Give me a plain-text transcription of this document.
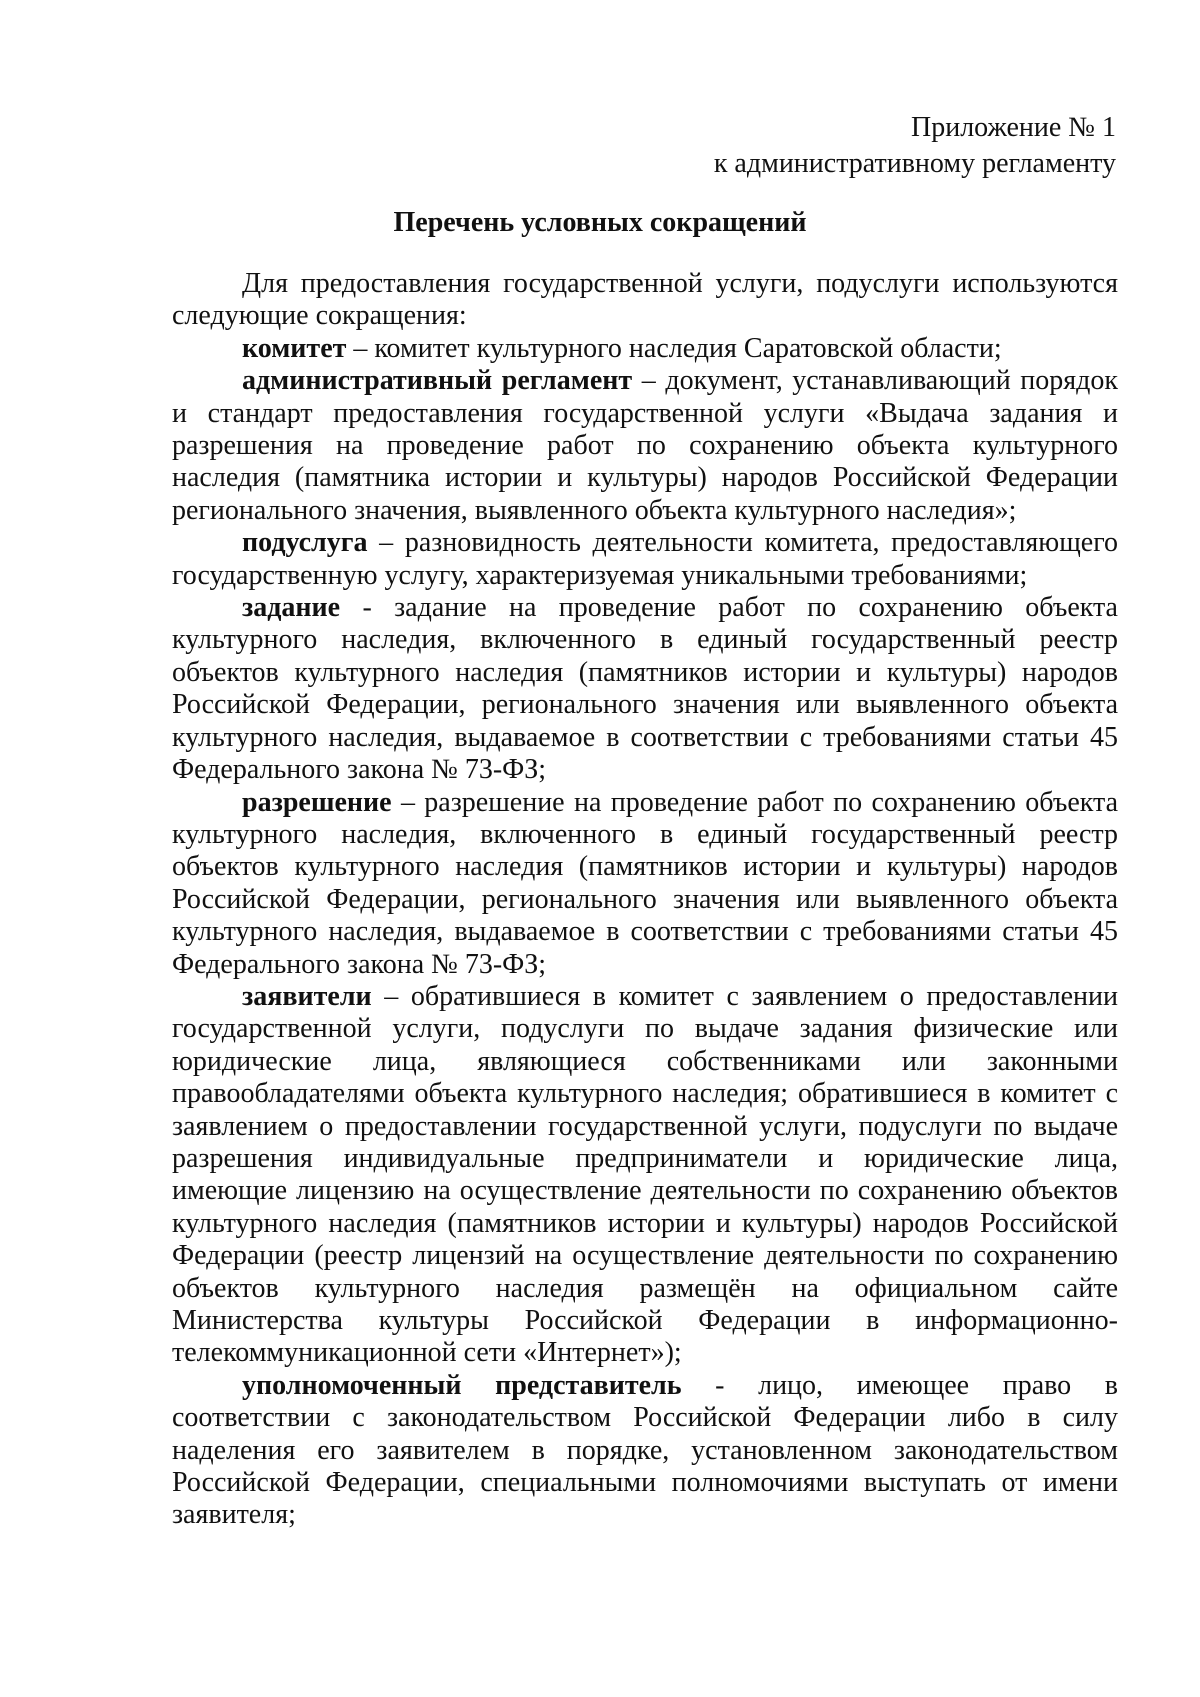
Приложение № 1
к административному регламенту
Перечень условных сокращений

Для предоставления государственной услуги, подуслуги используются следующие сокращения:

комитет – комитет культурного наследия Саратовской области;

административный регламент – документ, устанавливающий порядок и стандарт предоставления государственной услуги «Выдача задания и разрешения на проведение работ по сохранению объекта культурного наследия (памятника истории и культуры) народов Российской Федерации регионального значения, выявленного объекта культурного наследия»;

подуслуга – разновидность деятельности комитета, предоставляющего государственную услугу, характеризуемая уникальными требованиями;

задание - задание на проведение работ по сохранению объекта культурного наследия, включенного в единый государственный реестр объектов культурного наследия (памятников истории и культуры) народов Российской Федерации, регионального значения или выявленного объекта культурного наследия, выдаваемое в соответствии с требованиями статьи 45 Федерального закона № 73-ФЗ;

разрешение – разрешение на проведение работ по сохранению объекта культурного наследия, включенного в единый государственный реестр объектов культурного наследия (памятников истории и культуры) народов Российской Федерации, регионального значения или выявленного объекта культурного наследия, выдаваемое в соответствии с требованиями статьи 45 Федерального закона № 73-ФЗ;

заявители – обратившиеся в комитет с заявлением о предоставлении государственной услуги, подуслуги по выдаче задания физические или юридические лица, являющиеся собственниками или законными правообладателями объекта культурного наследия; обратившиеся в комитет с заявлением о предоставлении государственной услуги, подуслуги по выдаче разрешения индивидуальные предприниматели и юридические лица, имеющие лицензию на осуществление деятельности по сохранению объектов культурного наследия (памятников истории и культуры) народов Российской Федерации (реестр лицензий на осуществление деятельности по сохранению объектов культурного наследия размещён на официальном сайте Министерства культуры Российской Федерации в информационно-телекоммуникационной сети «Интернет»);

уполномоченный представитель - лицо, имеющее право в соответствии с законодательством Российской Федерации либо в силу наделения его заявителем в порядке, установленном законодательством Российской Федерации, специальными полномочиями выступать от имени заявителя;
